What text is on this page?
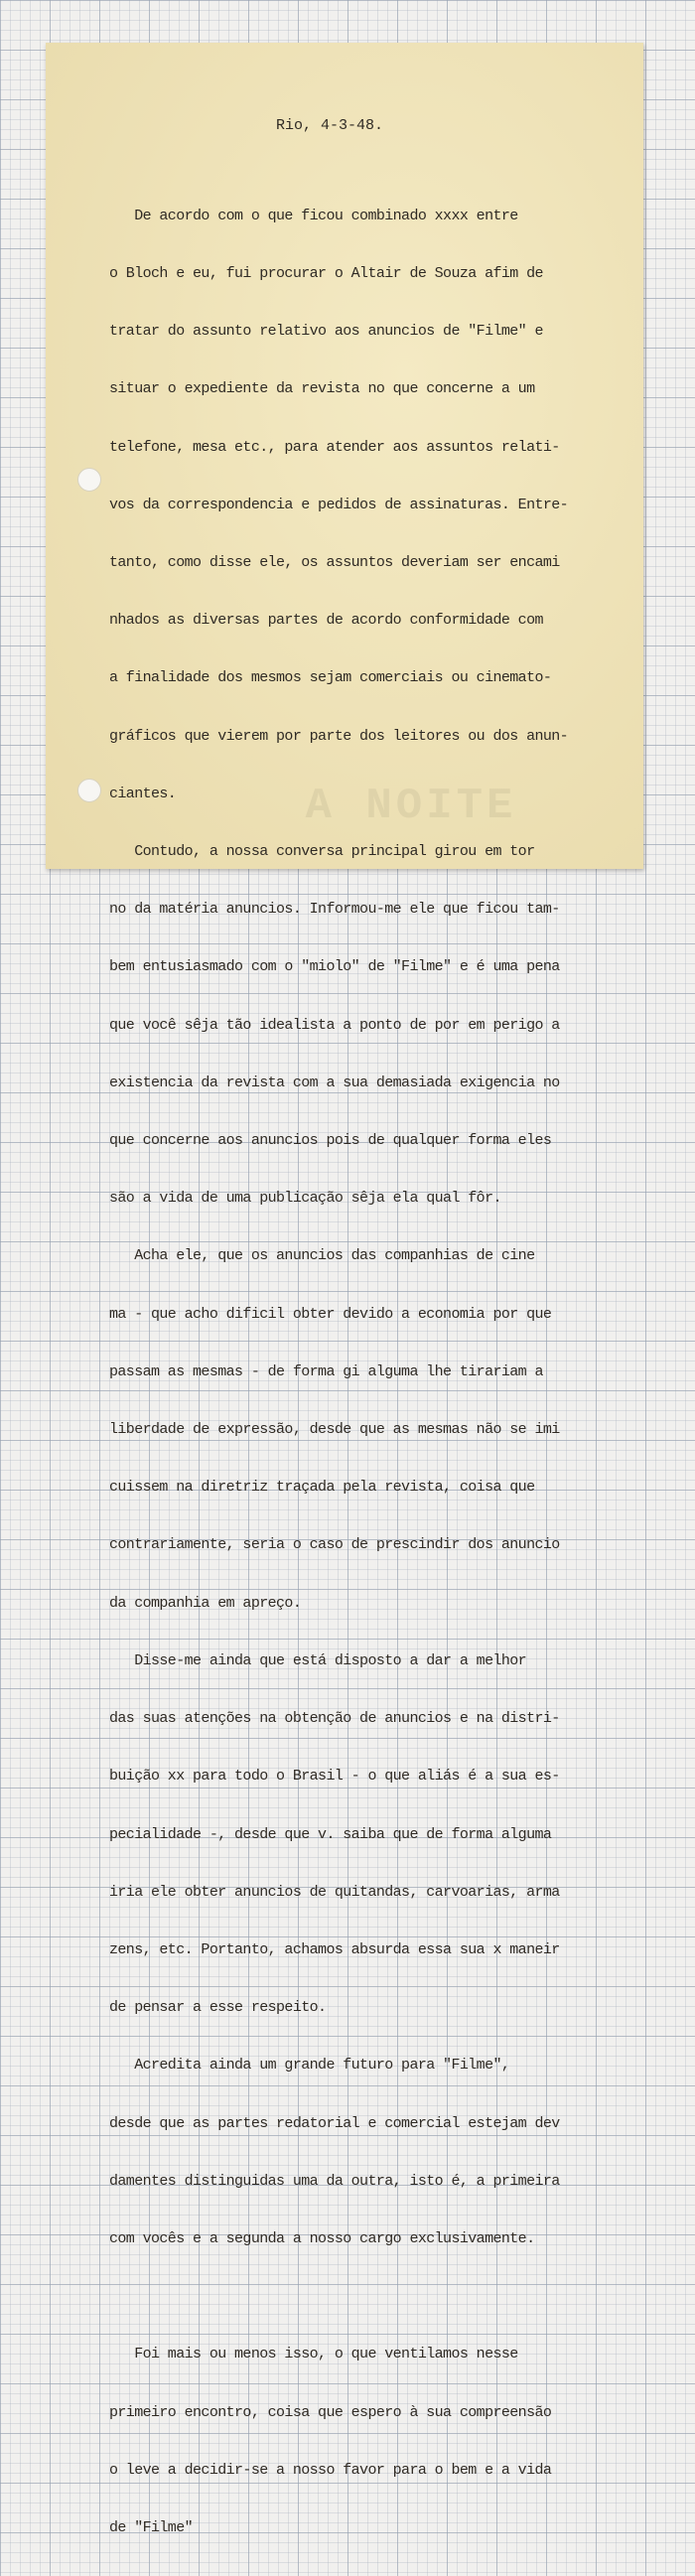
A NOITE
Rio, 4-3-48.

De acordo com o que ficou combinado xxxx entre

o Bloch e eu, fui procurar o Altair de Souza afim de

tratar do assunto relativo aos anuncios de "Filme" e

situar o expediente da revista no que concerne a um

telefone, mesa etc., para atender aos assuntos relati-

vos da correspondencia e pedidos de assinaturas. Entre-

tanto, como disse ele, os assuntos deveriam ser encami

nhados as diversas partes de acordo conformidade com

a finalidade dos mesmos sejam comerciais ou cinemato-

gráficos que vierem por parte dos leitores ou dos anun-

ciantes.

Contudo, a nossa conversa principal girou em tor

no da matéria anuncios. Informou-me ele que ficou tam-

bem entusiasmado com o "miolo" de "Filme" e é uma pena

que você sêja tão idealista a ponto de por em perigo a

existencia da revista com a sua demasiada exigencia no

que concerne aos anuncios pois de qualquer forma eles

são a vida de uma publicação sêja ela qual fôr.

Acha ele, que os anuncios das companhias de cine

ma - que acho dificil obter devido a economia por que

passam as mesmas - de forma gi alguma lhe tirariam a

liberdade de expressão, desde que as mesmas não se imi

cuissem na diretriz traçada pela revista, coisa que

contrariamente, seria o caso de prescindir dos anuncio

da companhia em apreço.

Disse-me ainda que está disposto a dar a melhor

das suas atenções na obtenção de anuncios e na distri-

buição xx para todo o Brasil - o que aliás é a sua es-

pecialidade -, desde que v. saiba que de forma alguma

iria ele obter anuncios de quitandas, carvoarias, arma

zens, etc. Portanto, achamos absurda essa sua x maneir

de pensar a esse respeito.

Acredita ainda um grande futuro para "Filme",

desde que as partes redatorial e comercial estejam dev

damentes distinguidas uma da outra, isto é, a primeira

com vocês e a segunda a nosso cargo exclusivamente.

Foi mais ou menos isso, o que ventilamos nesse

primeiro encontro, coisa que espero à sua compreensão

o leve a decidir-se a nosso favor para o bem e a vida

de "Filme"
